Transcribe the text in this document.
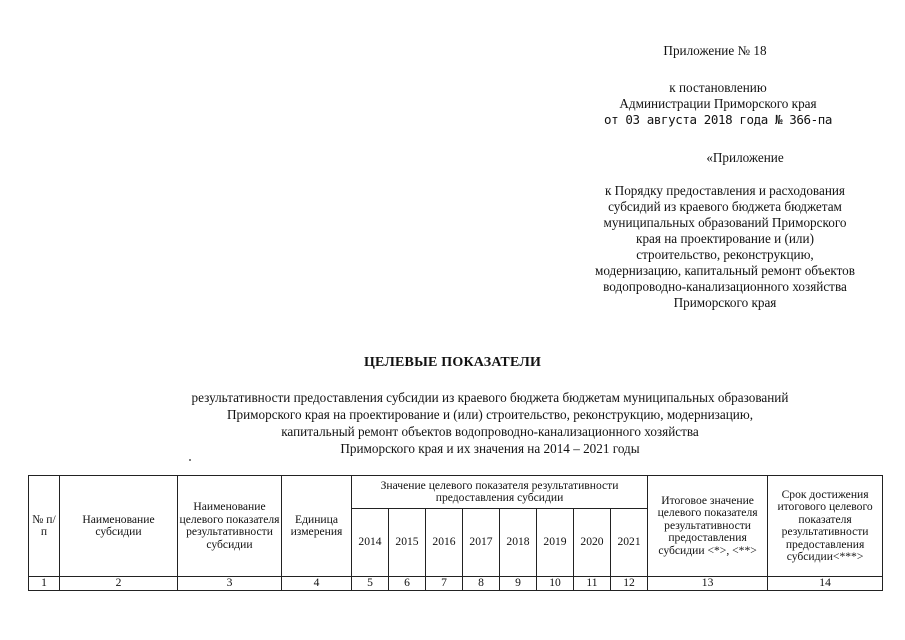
Приложение № 18
к постановлению
Администрации Приморского края
от 03 августа 2018 года № 366-па
«Приложение
к Порядку предоставления и расходования
субсидий из краевого бюджета бюджетам
муниципальных образований Приморского
края на проектирование и (или)
строительство, реконструкцию,
модернизацию, капитальный ремонт объектов
водопроводно-канализационного хозяйства
Приморского края
ЦЕЛЕВЫЕ ПОКАЗАТЕЛИ
результативности предоставления субсидии из краевого бюджета бюджетам муниципальных образований
Приморского края на проектирование и (или) строительство, реконструкцию, модернизацию,
капитальный ремонт объектов водопроводно-канализационного хозяйства
Приморского края и их значения на 2014 – 2021 годы
№ п/п	Наименование субсидии	Наименование целевого показателя результативности субсидии	Единица измерения	Значение целевого показателя результативности предоставления субсидии								Итоговое значение целевого показателя результативности предоставления субсидии <*>, <**>	Срок достижения итогового целевого показателя результативности предоставления субсидии<***>
				2014	2015	2016	2017	2018	2019	2020	2021		
1	2	3	4	5	6	7	8	9	10	11	12	13	14
